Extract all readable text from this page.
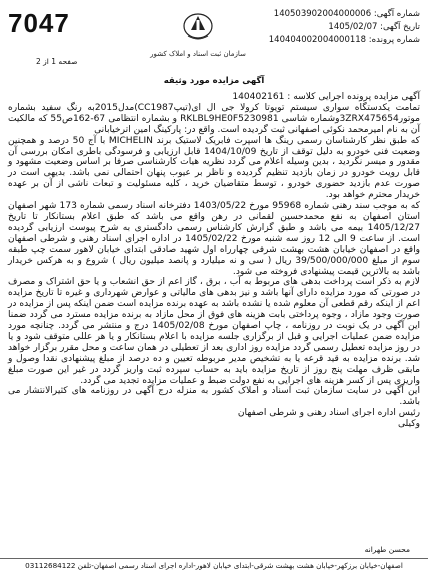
7047
صفحه 1 از 2
سازمان ثبت اسناد و املاک کشور
شماره آگهی: 140503902004000006
تاریخ آگهی: 1405/02/07
شماره پرونده: 140404002004000118
آگهی مزایده مورد وثیقه

آگهی مزایده پرونده اجرایی کلاسه : 140402161

تمامت یکدستگاه سواری سیستم تویوتا کرولا جی ال ای(تیپCC1987)مدل2015به رنگ سفید بشماره موتور3ZRX475654وشماره شاسی RKLBL9HE0F5230981 و بشماره انتظامی 67-162ص55 که مالکیت آن به نام امیرمحمد نکوئی اصفهانی ثبت گردیده است. واقع در: پارکینگ امین اترخیابانی

که طبق نظر کارشناسان رسمی رینگ ها اسپرت فابریک لاستیک برند MICHELIN با آج 50 درصد و همچنین وضعیت فنی خودرو به دلیل توقف از تاریخ 1404/10/09 قابل ارزیابی و فرسودگی باطری امکان بررسی آن مقدور و میسر نگردید ، بدین وسیله اعلام می گردد نظریه هیات کارشناسی صرفا بر اساس وضعیت مشهود و قابل رویت خودرو در زمان بازدید تنظیم گردیده و ناظر بر عیوب پنهان احتمالی نمی باشد. بدیهی است در صورت عدم بازدید حضوری خودرو ، توسط متقاضیان خرید ، کلیه مسئولیت و تبعات ناشی از آن بر عهده خریدار محترم خواهد بود.

که به موجب سند رهنی شماره 95968 مورخ 1403/05/22 دفترخانه اسناد رسمی شماره 173 شهر اصفهان استان اصفهان به نفع محمدحسین لقمانی در رهن واقع می باشد که طبق اعلام بستانکار تا تاریخ 1405/12/27 بیمه می باشد و طبق گزارش کارشناس رسمی دادگستری به شرح پیوست ارزیابی گردیده است. از ساعت 9 الی 12 روز سه شنبه مورخ 1405/02/22 در اداره اجرای اسناد رهنی و شرطی اصفهان واقع در اصفهان خیابان هشت بهشت شرقی چهارراه اول شهید صادقی ابتدای خیابان لاهور سمت چپ طبقه سوم از مبلغ 39/500/000/000 ریال ( سی و نه میلیارد و پانصد میلیون ریال ) شروع و به هرکس خریدار باشد به بالاترین قیمت پیشنهادی فروخته می شود.

لازم به ذکر است پرداخت بدهی های مربوط به آب ، برق ، گاز اعم از حق انشعاب و یا حق اشتراک و مصرف در صورتی که مورد مزایده دارای آنها باشد و نیز بدهی های مالیاتی و عوارض شهرداری و غیره تا تاریخ مزایده اعم از اینکه رقم قطعی آن معلوم شده یا نشده باشد به عهده برنده مزایده است ضمن اینکه پس از مزایده در صورت وجود مازاد ، وجوه پرداختی بابت هزینه های فوق از محل مازاد به برنده مزایده مسترد می گردد ضمنا این آگهی در یک نوبت در روزنامه ، چاپ اصفهان مورخ 1405/02/08 درج و منتشر می گردد. چنانچه مورد مزایده ضمن عملیات اجرایی و قبل از برگزاری جلسه مزایده با اعلام بستانکار و یا هر عللی متوقف شود و یا در روز مزایده تعطیل رسمی گردد مزایده روز اداری بعد از تعطیلی در همان ساعت و محل مقرر برگزار خواهد شد. برنده مزایده به قید قرعه یا به تشخیص مدیر مربوطه تعیین و ده درصد از مبلغ پیشنهادی نقدا وصول و مابقی ظرف مهلت پنج روز از تاریخ مزایده باید به حساب سپرده ثبت واریز گردد در غیر این صورت مبلغ واریزی پس از کسر هزینه های اجرایی به نفع دولت ضبط و عملیات مزایده تجدید می گردد.

این آگهی در سایت سازمان ثبت اسناد و املاک کشور به منزله درج آگهی در روزنامه های کثیرالانتشار می باشد.

رئیس اداره اجرای اسناد رهنی و شرطی اصفهان

وکیلی

محسن طهرانه
اصفهان-خیابان برزکهر-خیابان هشت بهشت شرقی-ابتدای خیابان لاهور-اداره اجرای اسناد رسمی اصفهان-تلفن 03112684122
